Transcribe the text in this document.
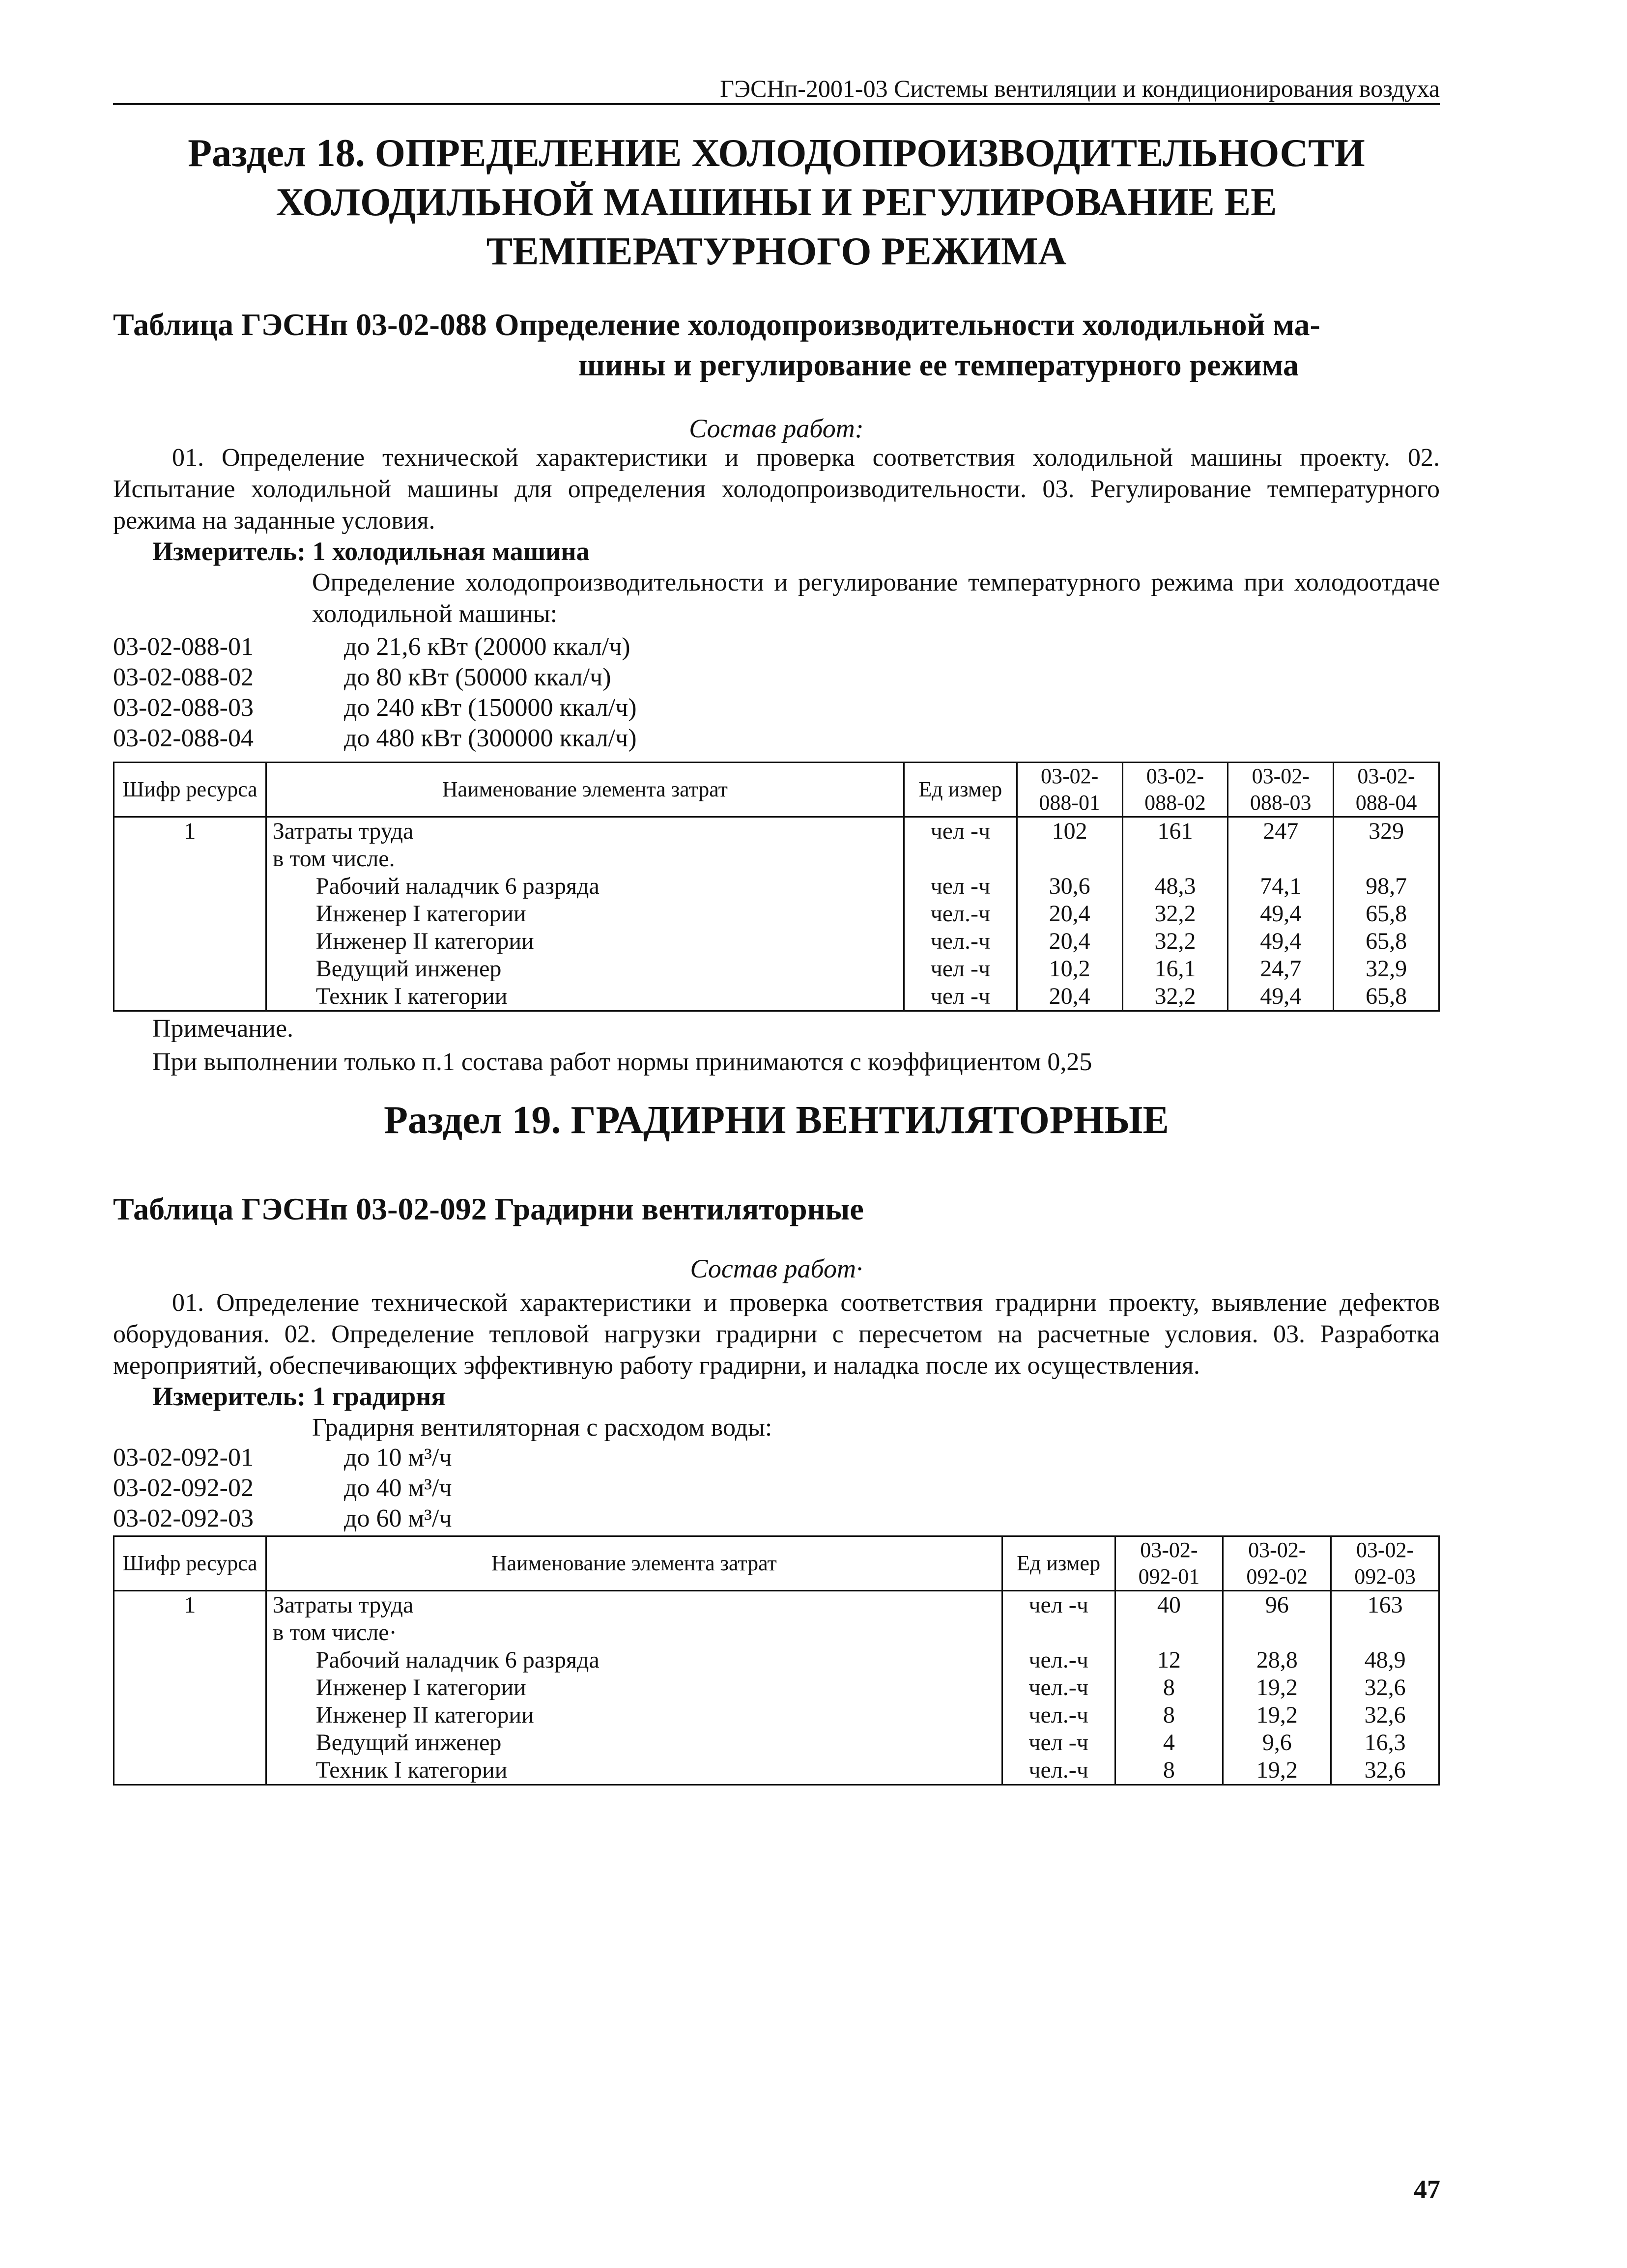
ГЭСНп-2001-03 Системы вентиляции и кондиционирования воздуха
Раздел 18. ОПРЕДЕЛЕНИЕ ХОЛОДОПРОИЗВОДИТЕЛЬНОСТИ
ХОЛОДИЛЬНОЙ МАШИНЫ И РЕГУЛИРОВАНИЕ ЕЕ
ТЕМПЕРАТУРНОГО РЕЖИМА
Таблица ГЭСНп 03-02-088 Определение холодопроизводительности холодильной ма-
шины и регулирование ее температурного режима
Состав работ:
01. Определение технической характеристики и проверка соответствия холодильной машины проекту. 02. Испытание холодильной машины для определения холодопроизводительности. 03. Регулирование температурного режима на заданные условия.
Измеритель: 1 холодильная машина
Определение холодопроизводительности и регулирование температурного режима при холодоотдаче холодильной машины:
03-02-088-01	до 21,6 кВт (20000 ккал/ч)
03-02-088-02	до 80 кВт (50000 ккал/ч)
03-02-088-03	до 240 кВт (150000 ккал/ч)
03-02-088-04	до 480 кВт (300000 ккал/ч)
Шифр ресурса	Наименование элемента затрат	Ед измер	03-02-088-01	03-02-088-02	03-02-088-03	03-02-088-04
1	Затраты труда	чел -ч	102	161	247	329
	в том числе.					
	Рабочий наладчик 6 разряда	чел -ч	30,6	48,3	74,1	98,7
	Инженер I категории	чел.-ч	20,4	32,2	49,4	65,8
	Инженер II категории	чел.-ч	20,4	32,2	49,4	65,8
	Ведущий инженер	чел -ч	10,2	16,1	24,7	32,9
	Техник I категории	чел -ч	20,4	32,2	49,4	65,8
Примечание.
При выполнении только п.1 состава работ нормы принимаются с коэффициентом 0,25
Раздел 19. ГРАДИРНИ ВЕНТИЛЯТОРНЫЕ
Таблица ГЭСНп 03-02-092 Градирни вентиляторные
Состав работ·
01. Определение технической характеристики и проверка соответствия градирни проекту, выявление дефектов оборудования. 02. Определение тепловой нагрузки градирни с пересчетом на расчетные условия. 03. Разработка мероприятий, обеспечивающих эффективную работу градирни, и наладка после их осуществления.
Измеритель: 1 градирня
Градирня вентиляторная с расходом воды:
03-02-092-01	до 10 м³/ч
03-02-092-02	до 40 м³/ч
03-02-092-03	до 60 м³/ч
Шифр ресурса	Наименование элемента затрат	Ед измер	03-02-092-01	03-02-092-02	03-02-092-03
1	Затраты труда	чел -ч	40	96	163
	в том числе·				
	Рабочий наладчик 6 разряда	чел.-ч	12	28,8	48,9
	Инженер I категории	чел.-ч	8	19,2	32,6
	Инженер II категории	чел.-ч	8	19,2	32,6
	Ведущий инженер	чел -ч	4	9,6	16,3
	Техник I категории	чел.-ч	8	19,2	32,6
47
